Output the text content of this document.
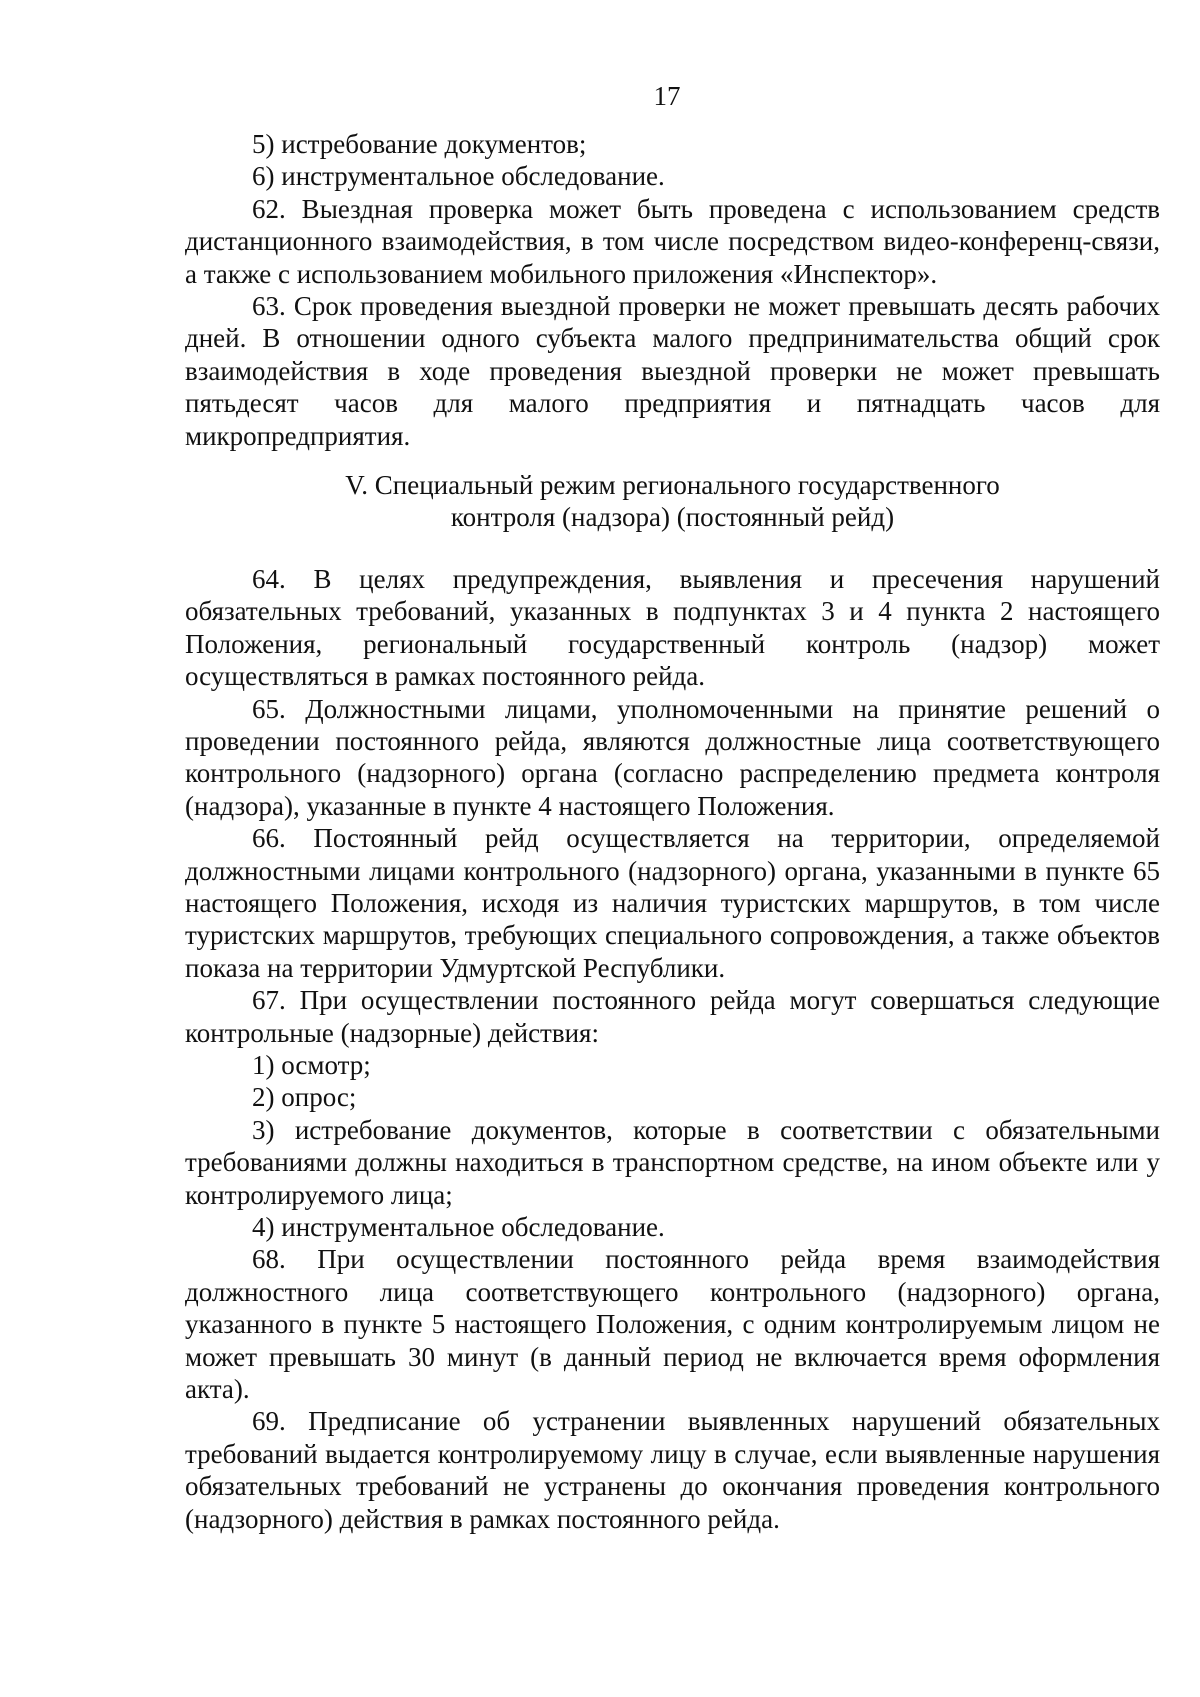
17

5) истребование документов;

6) инструментальное обследование.

62. Выездная проверка может быть проведена с использованием средств дистанционного взаимодействия, в том числе посредством видео-конференц-связи, а также с использованием мобильного приложения «Инспектор».

63. Срок проведения выездной проверки не может превышать десять рабочих дней. В отношении одного субъекта малого предпринимательства общий срок взаимодействия в ходе проведения выездной проверки не может превышать пятьдесят часов для малого предприятия и пятнадцать часов для микропредприятия.

V. Специальный режим регионального государственного
контроля (надзора) (постоянный рейд)

64. В целях предупреждения, выявления и пресечения нарушений обязательных требований, указанных в подпунктах 3 и 4 пункта 2 настоящего Положения, региональный государственный контроль (надзор) может осуществляться в рамках постоянного рейда.

65. Должностными лицами, уполномоченными на принятие решений о проведении постоянного рейда, являются должностные лица соответствующего контрольного (надзорного) органа (согласно распределению предмета контроля (надзора), указанные в пункте 4 настоящего Положения.

66. Постоянный рейд осуществляется на территории, определяемой должностными лицами контрольного (надзорного) органа, указанными в пункте 65 настоящего Положения, исходя из наличия туристских маршрутов, в том числе туристских маршрутов, требующих специального сопровождения, а также объектов показа на территории Удмуртской Республики.

67. При осуществлении постоянного рейда могут совершаться следующие контрольные (надзорные) действия:

1) осмотр;

2) опрос;

3) истребование документов, которые в соответствии с обязательными требованиями должны находиться в транспортном средстве, на ином объекте или у контролируемого лица;

4) инструментальное обследование.

68. При осуществлении постоянного рейда время взаимодействия должностного лица соответствующего контрольного (надзорного) органа, указанного в пункте 5 настоящего Положения, с одним контролируемым лицом не может превышать 30 минут (в данный период не включается время оформления акта).

69. Предписание об устранении выявленных нарушений обязательных требований выдается контролируемому лицу в случае, если выявленные нарушения обязательных требований не устранены до окончания проведения контрольного (надзорного) действия в рамках постоянного рейда.
